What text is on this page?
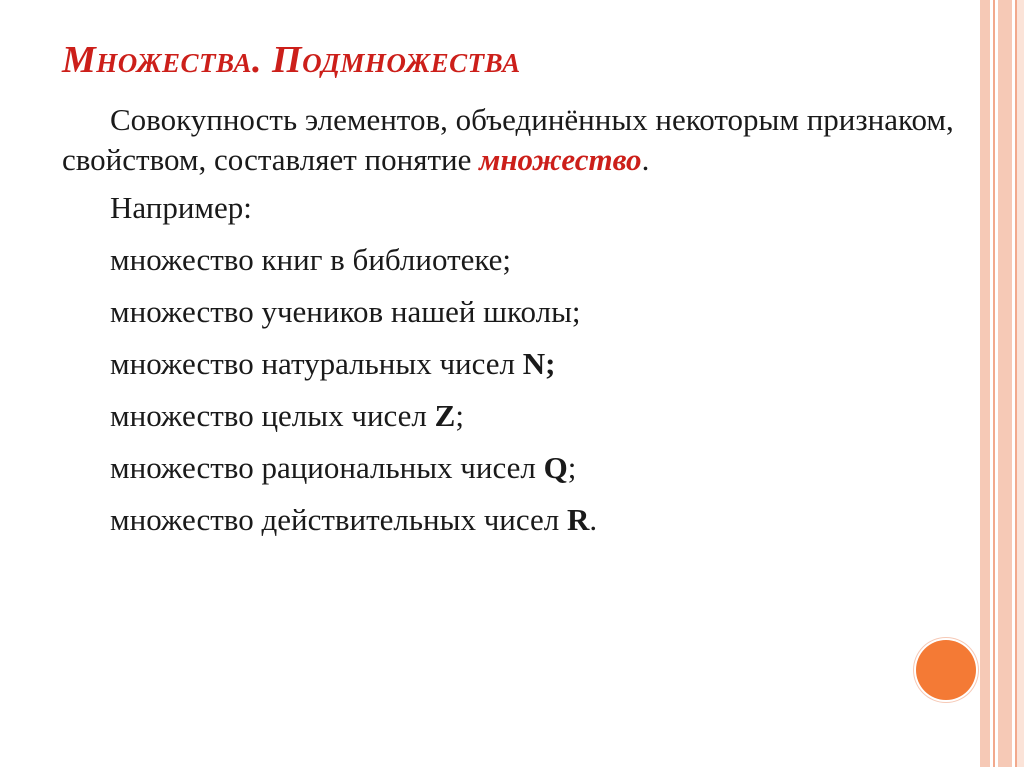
Множества. Подмножества

Совокупность элементов, объединённых некоторым признаком, свойством, составляет понятие множество.

Например:

множество книг в библиотеке;

множество учеников нашей школы;

множество натуральных чисел N;

множество целых чисел Z;

множество рациональных чисел Q;

множество действительных чисел R.
